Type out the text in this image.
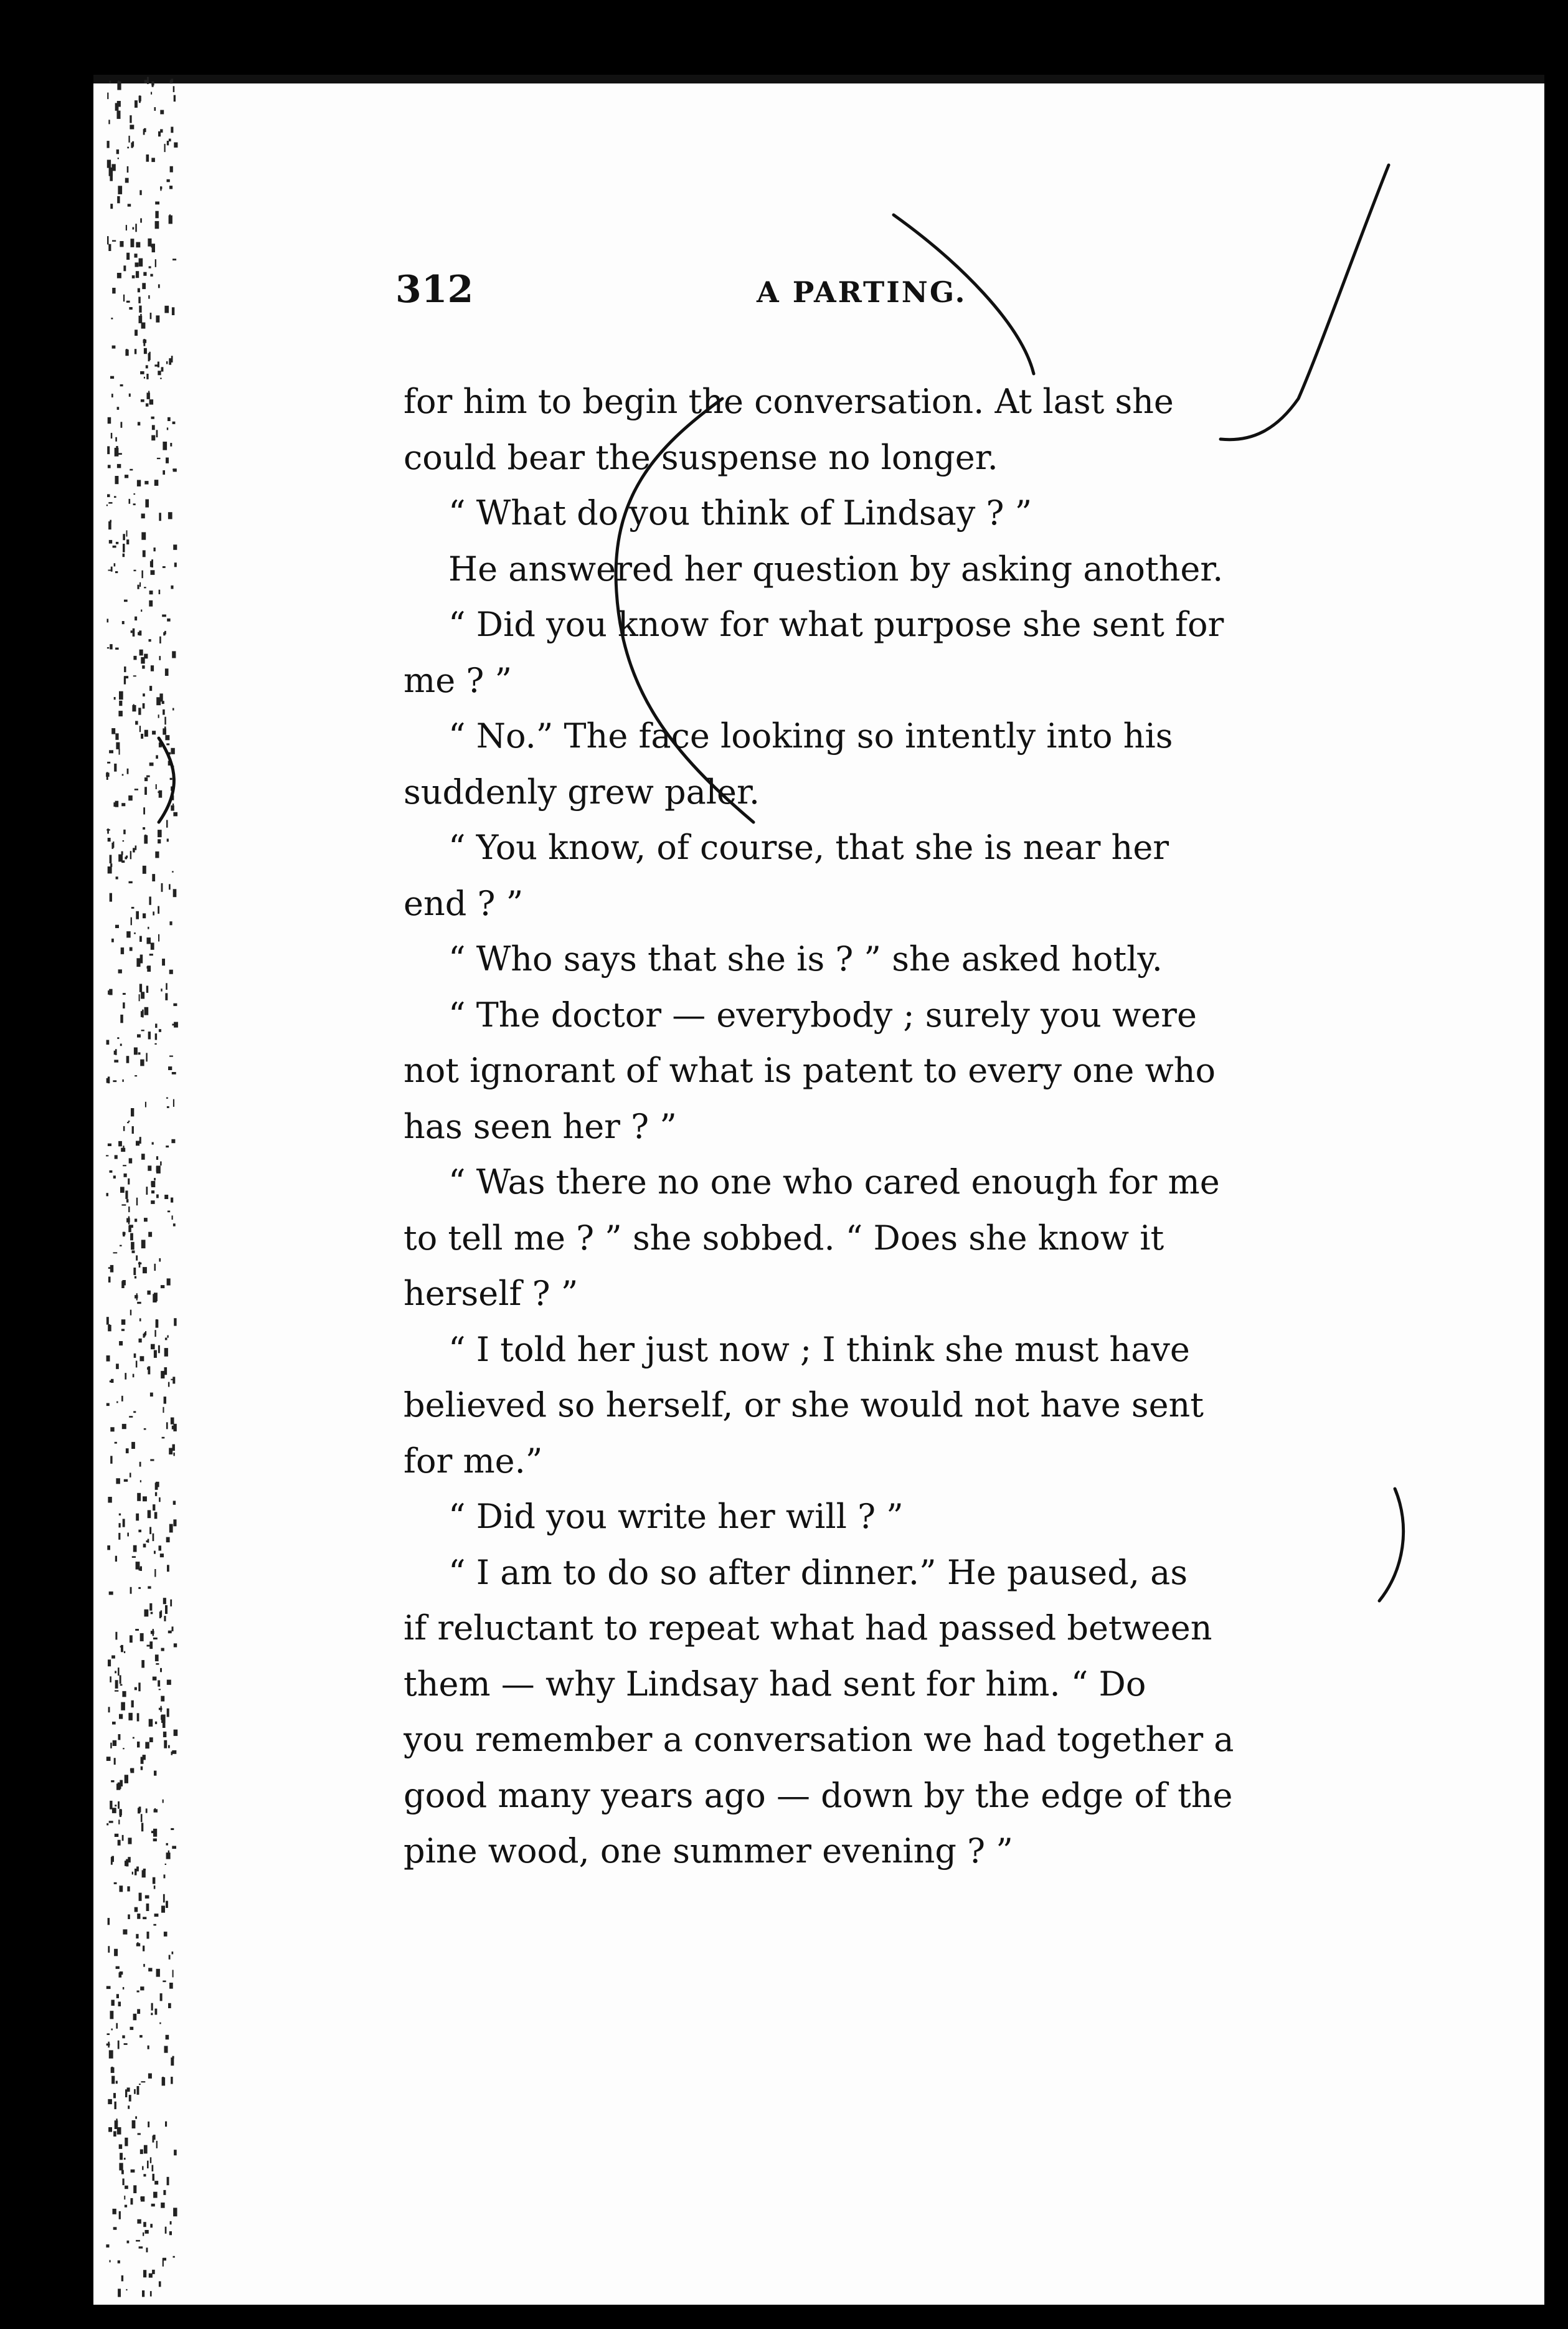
312	A PARTING.
for him to begin the conversation. At last she
could bear the suspense no longer.
“ What do you think of Lindsay ? ”
He answered her question by asking another.
“ Did you know for what purpose she sent for
me ? ”
“ No.” The face looking so intently into his
suddenly grew paler.
“ You know, of course, that she is near her
end ? ”
“ Who says that she is ? ” she asked hotly.
“ The doctor — everybody ; surely you were
not ignorant of what is patent to every one who
has seen her ? ”
“ Was there no one who cared enough for me
to tell me ? ” she sobbed. “ Does she know it
herself ? ”
“ I told her just now ; I think she must have
believed so herself, or she would not have sent
for me.”
“ Did you write her will ? ”
“ I am to do so after dinner.” He paused, as
if reluctant to repeat what had passed between
them — why Lindsay had sent for him. “ Do
you remember a conversation we had together a
good many years ago — down by the edge of the
pine wood, one summer evening ? ”
